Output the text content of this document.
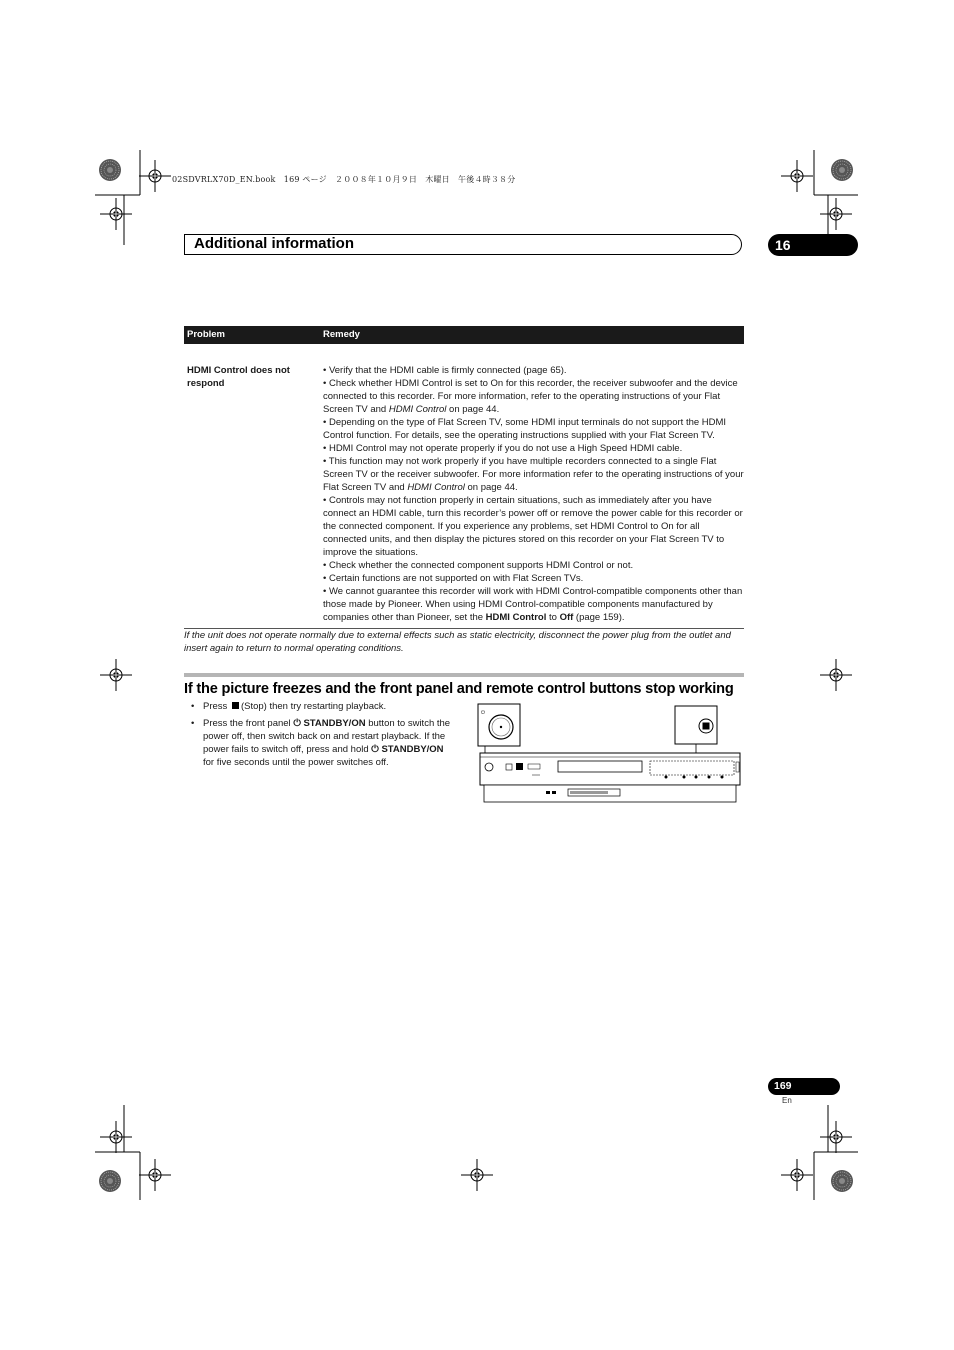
02SDVRLX70D_EN.book　169 ページ　２００８年１０月９日　木曜日　午後４時３８分
Additional information	16
Problem	Remedy
HDMI Control does not respond

• Verify that the HDMI cable is firmly connected (page 65).

• Check whether HDMI Control is set to On for this recorder, the receiver subwoofer and the device connected to this recorder. For more information, refer to the operating instructions of your Flat Screen TV and HDMI Control on page 44.

• Depending on the type of Flat Screen TV, some HDMI input terminals do not support the HDMI Control function. For details, see the operating instructions supplied with your Flat Screen TV.

• HDMI Control may not operate properly if you do not use a High Speed HDMI cable.

• This function may not work properly if you have multiple recorders connected to a single Flat Screen TV or the receiver subwoofer. For more information refer to the operating instructions of your Flat Screen TV and HDMI Control on page 44.

• Controls may not function properly in certain situations, such as immediately after you have connect an HDMI cable, turn this recorder’s power off or remove the power cable for this recorder or the connected component. If you experience any problems, set HDMI Control to On for all connected units, and then display the pictures stored on this recorder on your Flat Screen TV to improve the situations.

• Check whether the connected component supports HDMI Control or not.

• Certain functions are not supported on with Flat Screen TVs.

• We cannot guarantee this recorder will work with HDMI Control-compatible components other than those made by Pioneer. When using HDMI Control-compatible components manufactured by companies other than Pioneer, set the HDMI Control to Off (page 159).

If the unit does not operate normally due to external effects such as static electricity, disconnect the power plug from the outlet and insert again to return to normal operating conditions.
If the picture freezes and the front panel and remote control buttons stop working
• Press (Stop) then try restarting playback.
• Press the front panel ⏻ STANDBY/ON button to switch the power off, then switch back on and restart playback. If the power fails to switch off, press and hold ⏻ STANDBY/ON for five seconds until the power switches off.
⏻
169
En
